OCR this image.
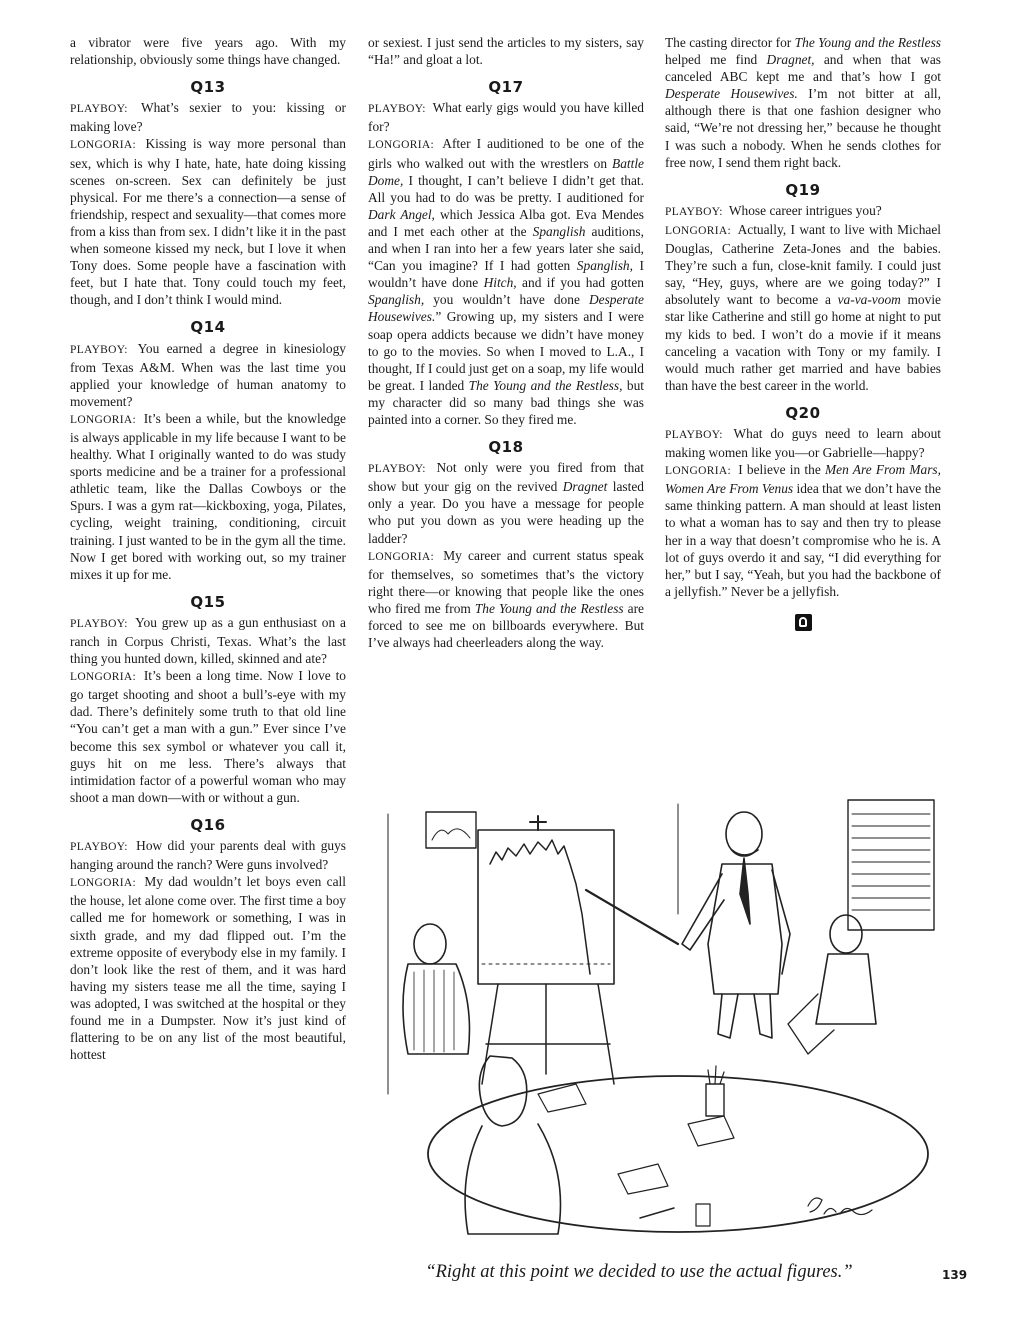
a vibrator were five years ago. With my relationship, obviously some things have changed.

Q13

PLAYBOY: What’s sexier to you: kissing or making love?

LONGORIA: Kissing is way more personal than sex, which is why I hate, hate, hate doing kissing scenes on-screen. Sex can definitely be just physical. For me there’s a connection—a sense of friendship, respect and sexuality—that comes more from a kiss than from sex. I didn’t like it in the past when someone kissed my neck, but I love it when Tony does. Some people have a fascination with feet, but I hate that. Tony could touch my feet, though, and I don’t think I would mind.

Q14

PLAYBOY: You earned a degree in kinesiology from Texas A&M. When was the last time you applied your knowledge of human anatomy to movement?

LONGORIA: It’s been a while, but the knowledge is always applicable in my life because I want to be healthy. What I originally wanted to do was study sports medicine and be a trainer for a professional athletic team, like the Dallas Cowboys or the Spurs. I was a gym rat—kickboxing, yoga, Pilates, cycling, weight training, conditioning, circuit training. I just wanted to be in the gym all the time. Now I get bored with working out, so my trainer mixes it up for me.

Q15

PLAYBOY: You grew up as a gun enthusiast on a ranch in Corpus Christi, Texas. What’s the last thing you hunted down, killed, skinned and ate?

LONGORIA: It’s been a long time. Now I love to go target shooting and shoot a bull’s-eye with my dad. There’s definitely some truth to that old line “You can’t get a man with a gun.” Ever since I’ve become this sex symbol or whatever you call it, guys hit on me less. There’s always that intimidation factor of a powerful woman who may shoot a man down—with or without a gun.

Q16

PLAYBOY: How did your parents deal with guys hanging around the ranch? Were guns involved?

LONGORIA: My dad wouldn’t let boys even call the house, let alone come over. The first time a boy called me for homework or something, I was in sixth grade, and my dad flipped out. I’m the extreme opposite of everybody else in my family. I don’t look like the rest of them, and it was hard having my sisters tease me all the time, saying I was adopted, I was switched at the hospital or they found me in a Dumpster. Now it’s just kind of flattering to be on any list of the most beautiful, hottest

or sexiest. I just send the articles to my sisters, say “Ha!” and gloat a lot.

Q17

PLAYBOY: What early gigs would you have killed for?

LONGORIA: After I auditioned to be one of the girls who walked out with the wrestlers on Battle Dome, I thought, I can’t believe I didn’t get that. All you had to do was be pretty. I auditioned for Dark Angel, which Jessica Alba got. Eva Mendes and I met each other at the Spanglish auditions, and when I ran into her a few years later she said, “Can you imagine? If I had gotten Spanglish, I wouldn’t have done Hitch, and if you had gotten Spanglish, you wouldn’t have done Desperate Housewives.” Growing up, my sisters and I were soap opera addicts because we didn’t have money to go to the movies. So when I moved to L.A., I thought, If I could just get on a soap, my life would be great. I landed The Young and the Restless, but my character did so many bad things she was painted into a corner. So they fired me.

Q18

PLAYBOY: Not only were you fired from that show but your gig on the revived Dragnet lasted only a year. Do you have a message for people who put you down as you were heading up the ladder?

LONGORIA: My career and current status speak for themselves, so sometimes that’s the victory right there—or knowing that people like the ones who fired me from The Young and the Restless are forced to see me on billboards everywhere. But I’ve always had cheerleaders along the way.

The casting director for The Young and the Restless helped me find Dragnet, and when that was canceled ABC kept me and that’s how I got Desperate Housewives. I’m not bitter at all, although there is that one fashion designer who said, “We’re not dressing her,” because he thought I was such a nobody. When he sends clothes for free now, I send them right back.

Q19

PLAYBOY: Whose career intrigues you?

LONGORIA: Actually, I want to live with Michael Douglas, Catherine Zeta-Jones and the babies. They’re such a fun, close-knit family. I could just say, “Hey, guys, where are we going today?” I absolutely want to become a va-va-voom movie star like Catherine and still go home at night to put my kids to bed. I won’t do a movie if it means canceling a vacation with Tony or my family. I would much rather get married and have babies than have the best career in the world.

Q20

PLAYBOY: What do guys need to learn about making women like you—or Gabrielle—happy?

LONGORIA: I believe in the Men Are From Mars, Women Are From Venus idea that we don’t have the same thinking pattern. A man should at least listen to what a woman has to say and then try to please her in a way that doesn’t compromise who he is. A lot of guys overdo it and say, “I did everything for her,” but I say, “Yeah, but you had the backbone of a jellyfish.” Never be a jellyfish.

“Right at this point we decided to use the actual figures.”	139
